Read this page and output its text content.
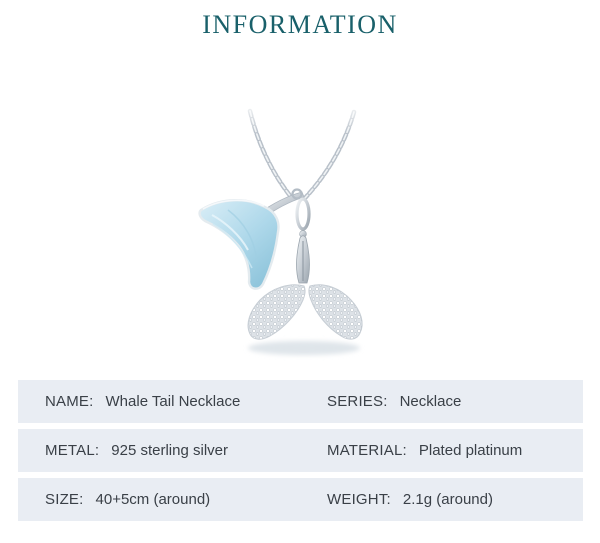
INFORMATION
NAME: Whale Tail Necklace	SERIES: Necklace
METAL: 925 sterling silver	MATERIAL: Plated platinum
SIZE: 40+5cm (around)	WEIGHT: 2.1g (around)
